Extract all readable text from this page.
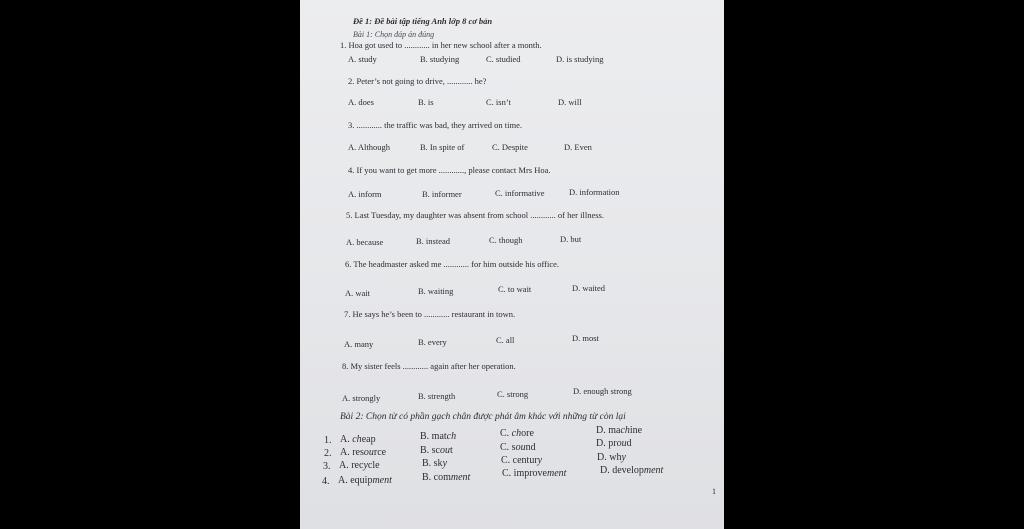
Đề 1: Đề bài tập tiếng Anh lớp 8 cơ bản
Bài 1: Chọn đáp án đúng
1. Hoa got used to ............ in her new school after a month.
A. study	B. studying	C. studied	D. is studying
2. Peter’s not going to drive, ............ he?
A. does	B. is	C. isn’t	D. will
3. ............ the traffic was bad, they arrived on time.
A. Although	B. In spite of	C. Despite	D. Even
4. If you want to get more ............, please contact Mrs Hoa.
A. inform	B. informer	C. informative	D. information
5. Last Tuesday, my daughter was absent from school ............ of her illness.
A. because	B. instead	C. though	D. but
6. The headmaster asked me ............ for him outside his office.
A. wait	B. waiting	C. to wait	D. waited
7. He says he’s been to ............ restaurant in town.
A. many	B. every	C. all	D. most
8. My sister feels ............ again after her operation.
A. strongly	B. strength	C. strong	D. enough strong
Bài 2: Chọn từ có phần gạch chân được phát âm khác với những từ còn lại
1. A. cheap	B. match	C. chore	D. machine
2. A. resource	B. scout	C. sound	D. proud
3. A. recycle	B. sky	C. century	D. why
4. A. equipment	B. comment	C. improvement	D. development
1
